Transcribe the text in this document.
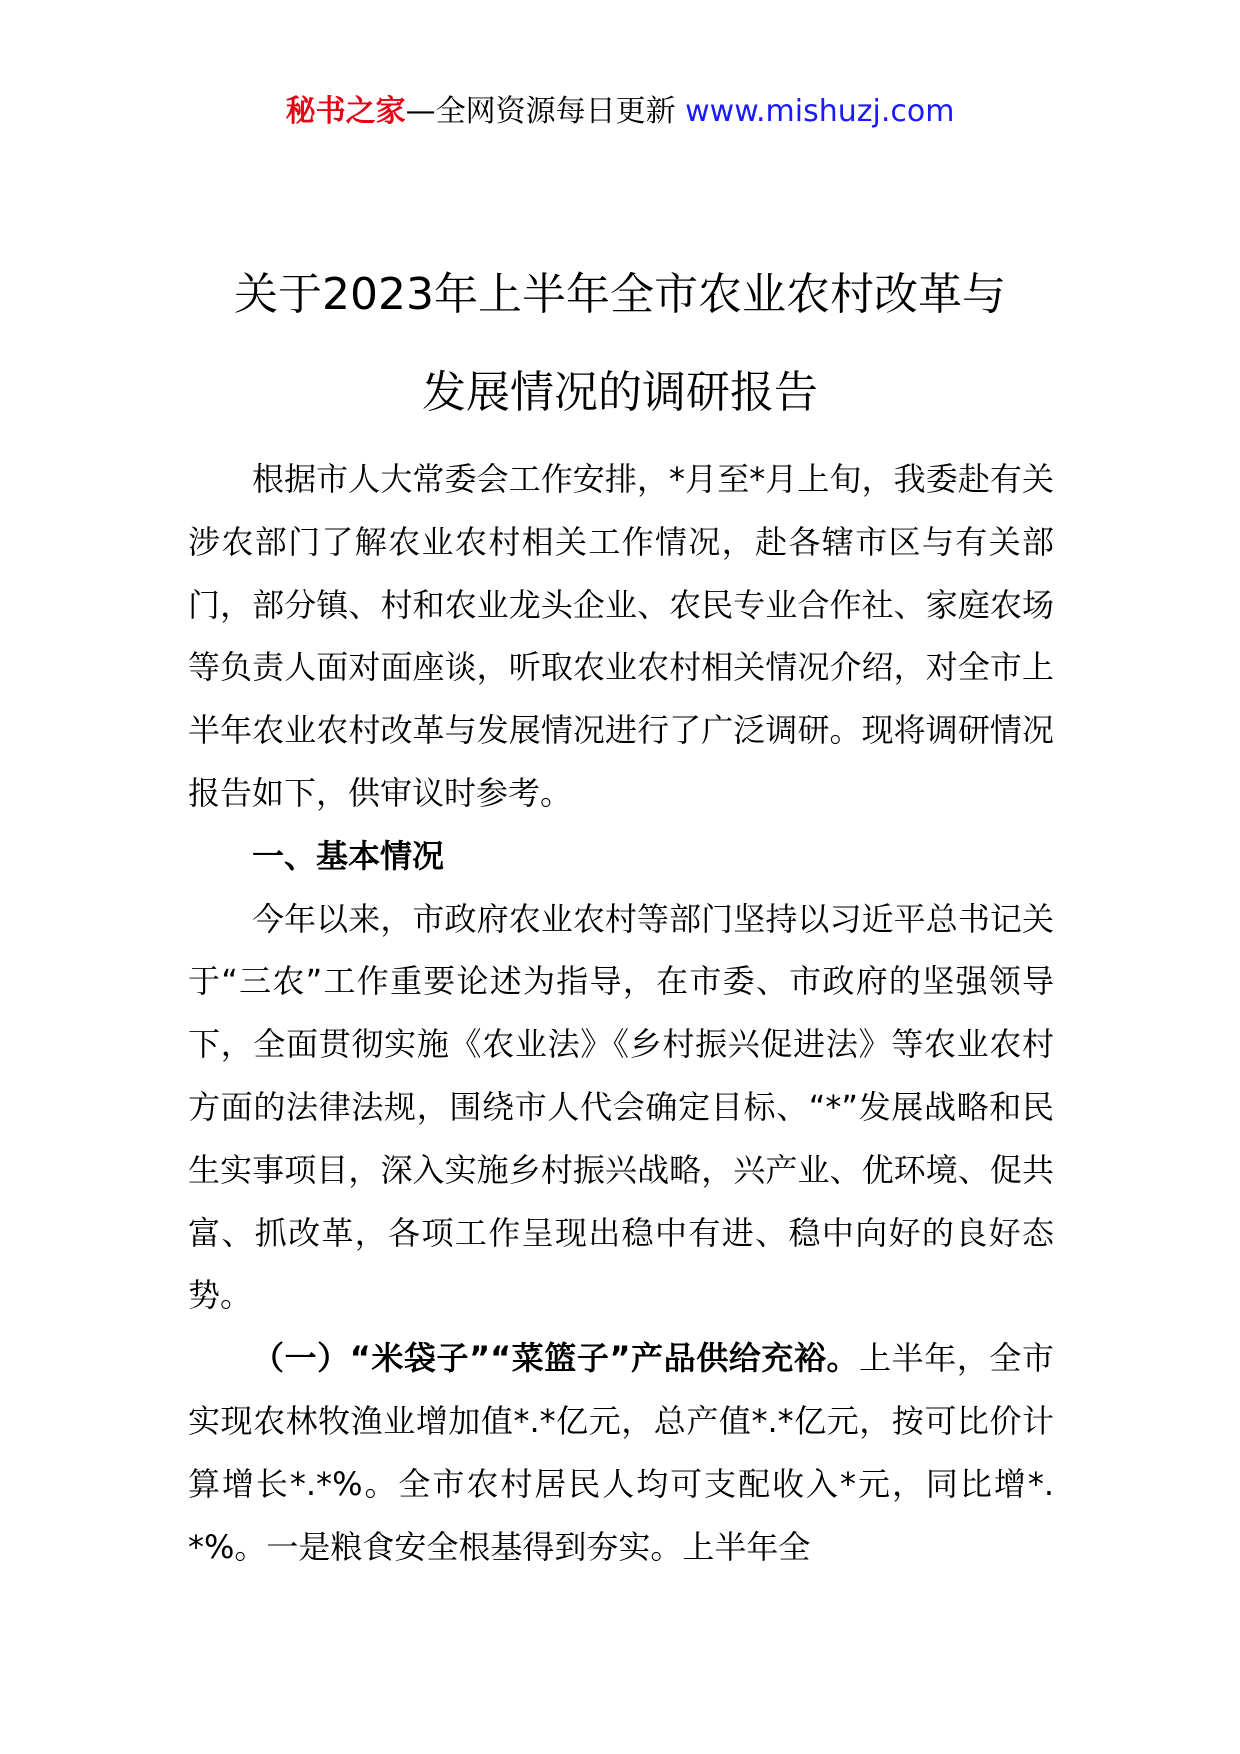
秘书之家—全网资源每日更新 www.mishuzj.com
关于2023年上半年全市农业农村改革与
发展情况的调研报告

根据市人大常委会工作安排，*月至*月上旬，我委赴有关涉农部门了解农业农村相关工作情况，赴各辖市区与有关部门，部分镇、村和农业龙头企业、农民专业合作社、家庭农场等负责人面对面座谈，听取农业农村相关情况介绍，对全市上半年农业农村改革与发展情况进行了广泛调研。现将调研情况报告如下，供审议时参考。

一、基本情况

今年以来，市政府农业农村等部门坚持以习近平总书记关于“三农”工作重要论述为指导，在市委、市政府的坚强领导下，全面贯彻实施《农业法》《乡村振兴促进法》等农业农村方面的法律法规，围绕市人代会确定目标、“*”发展战略和民生实事项目，深入实施乡村振兴战略，兴产业、优环境、促共富、抓改革，各项工作呈现出稳中有进、稳中向好的良好态势。

（一）“米袋子”“菜篮子”产品供给充裕。上半年，全市实现农林牧渔业增加值*.*亿元，总产值*.*亿元，按可比价计算增长*.*%。全市农村居民人均可支配收入*元，同比增*.*%。一是粮食安全根基得到夯实。上半年全
